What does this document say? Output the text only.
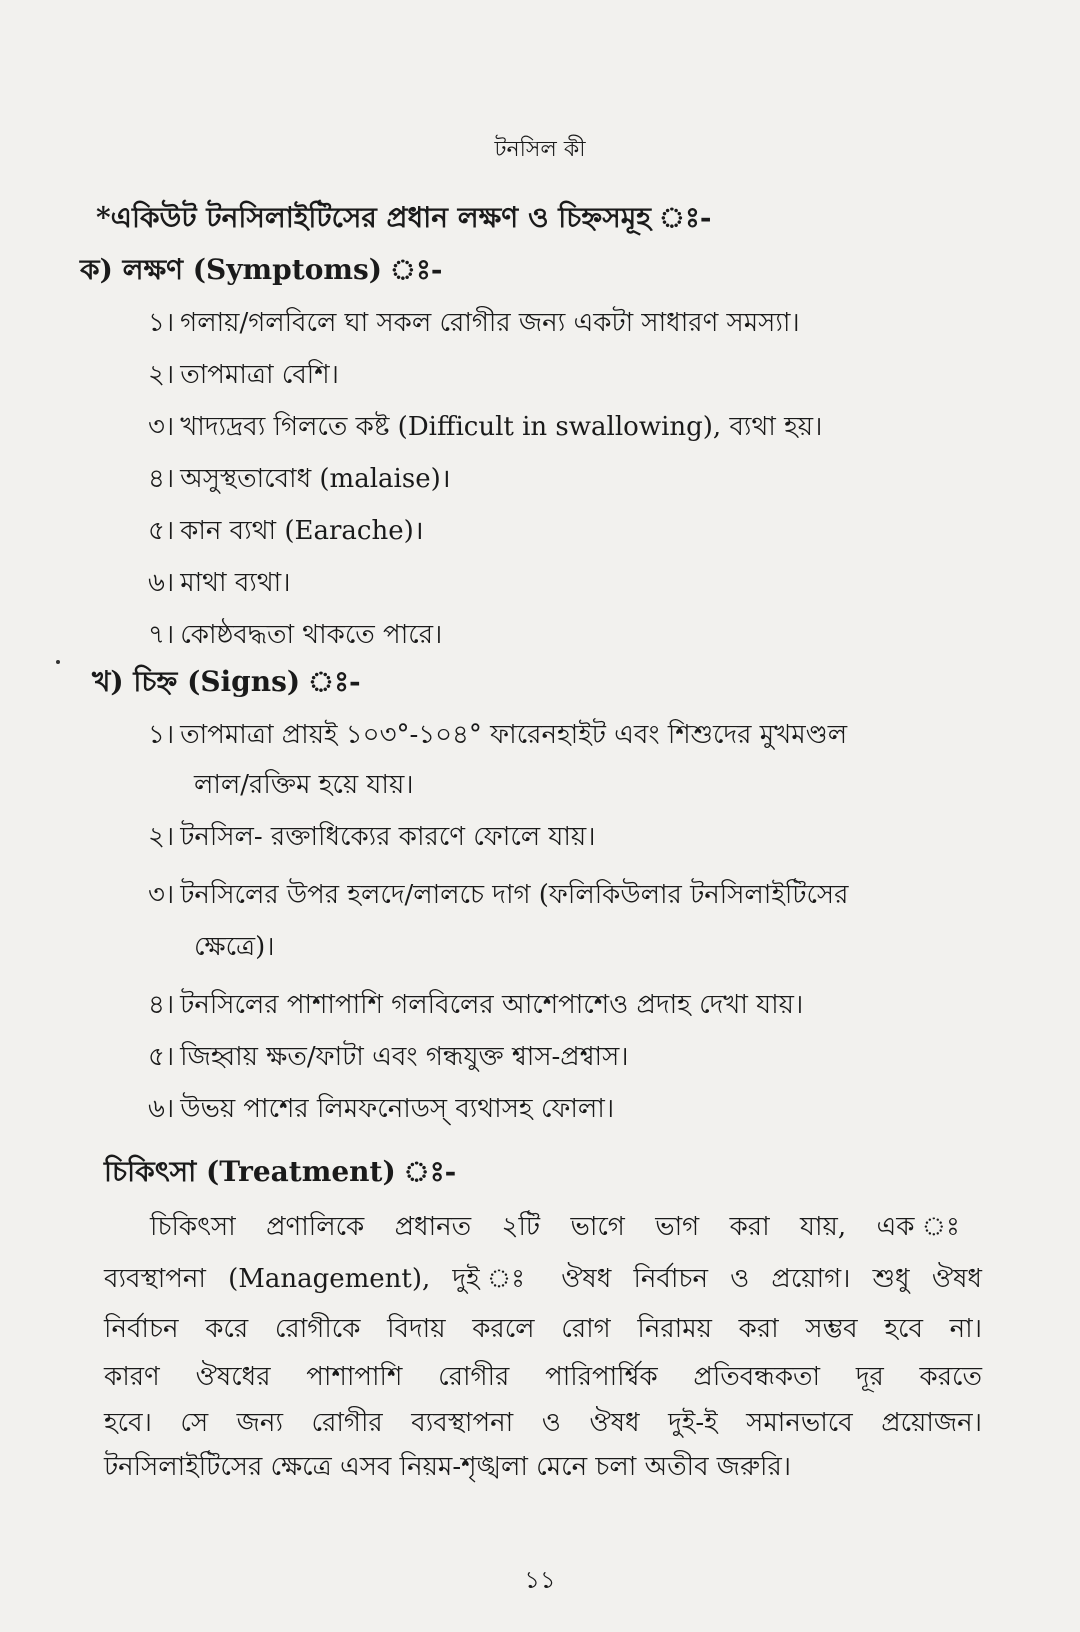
টনসিল কী
*একিউট টনসিলাইটিসের প্রধান লক্ষণ ও চিহ্নসমূহ ঃ-
ক) লক্ষণ (Symptoms) ঃ-
১। গলায়/গলবিলে ঘা সকল রোগীর জন্য একটা সাধারণ সমস্যা।
২। তাপমাত্রা বেশি।
৩। খাদ্যদ্রব্য গিলতে কষ্ট (Difficult in swallowing), ব্যথা হয়।
৪। অসুস্থতাবোধ (malaise)।
৫। কান ব্যথা (Earache)।
৬। মাথা ব্যথা।
৭। কোষ্ঠবদ্ধতা থাকতে পারে।
খ) চিহ্ন (Signs) ঃ-
১। তাপমাত্রা প্রায়ই ১০৩°-১০৪° ফারেনহাইট এবং শিশুদের মুখমণ্ডল
লাল/রক্তিম হয়ে যায়।
২। টনসিল- রক্তাধিক্যের কারণে ফোলে যায়।
৩। টনসিলের উপর হলদে/লালচে দাগ (ফলিকিউলার টনসিলাইটিসের
ক্ষেত্রে)।
৪। টনসিলের পাশাপাশি গলবিলের আশেপাশেও প্রদাহ দেখা যায়।
৫। জিহ্বায় ক্ষত/ফাটা এবং গন্ধযুক্ত শ্বাস-প্রশ্বাস।
৬। উভয় পাশের লিমফনোডস্ ব্যথাসহ ফোলা।
চিকিৎসা (Treatment) ঃ-
চিকিৎসা প্রণালিকে প্রধানত ২টি ভাগে ভাগ করা যায়, এক ঃ
ব্যবস্থাপনা (Management), দুই ঃ ঔষধ নির্বাচন ও প্রয়োগ। শুধু ঔষধ
নির্বাচন করে রোগীকে বিদায় করলে রোগ নিরাময় করা সম্ভব হবে না।
কারণ ঔষধের পাশাপাশি রোগীর পারিপার্শ্বিক প্রতিবন্ধকতা দূর করতে
হবে। সে জন্য রোগীর ব্যবস্থাপনা ও ঔষধ দুই-ই সমানভাবে প্রয়োজন।
টনসিলাইটিসের ক্ষেত্রে এসব নিয়ম-শৃঙ্খলা মেনে চলা অতীব জরুরি।
১১
